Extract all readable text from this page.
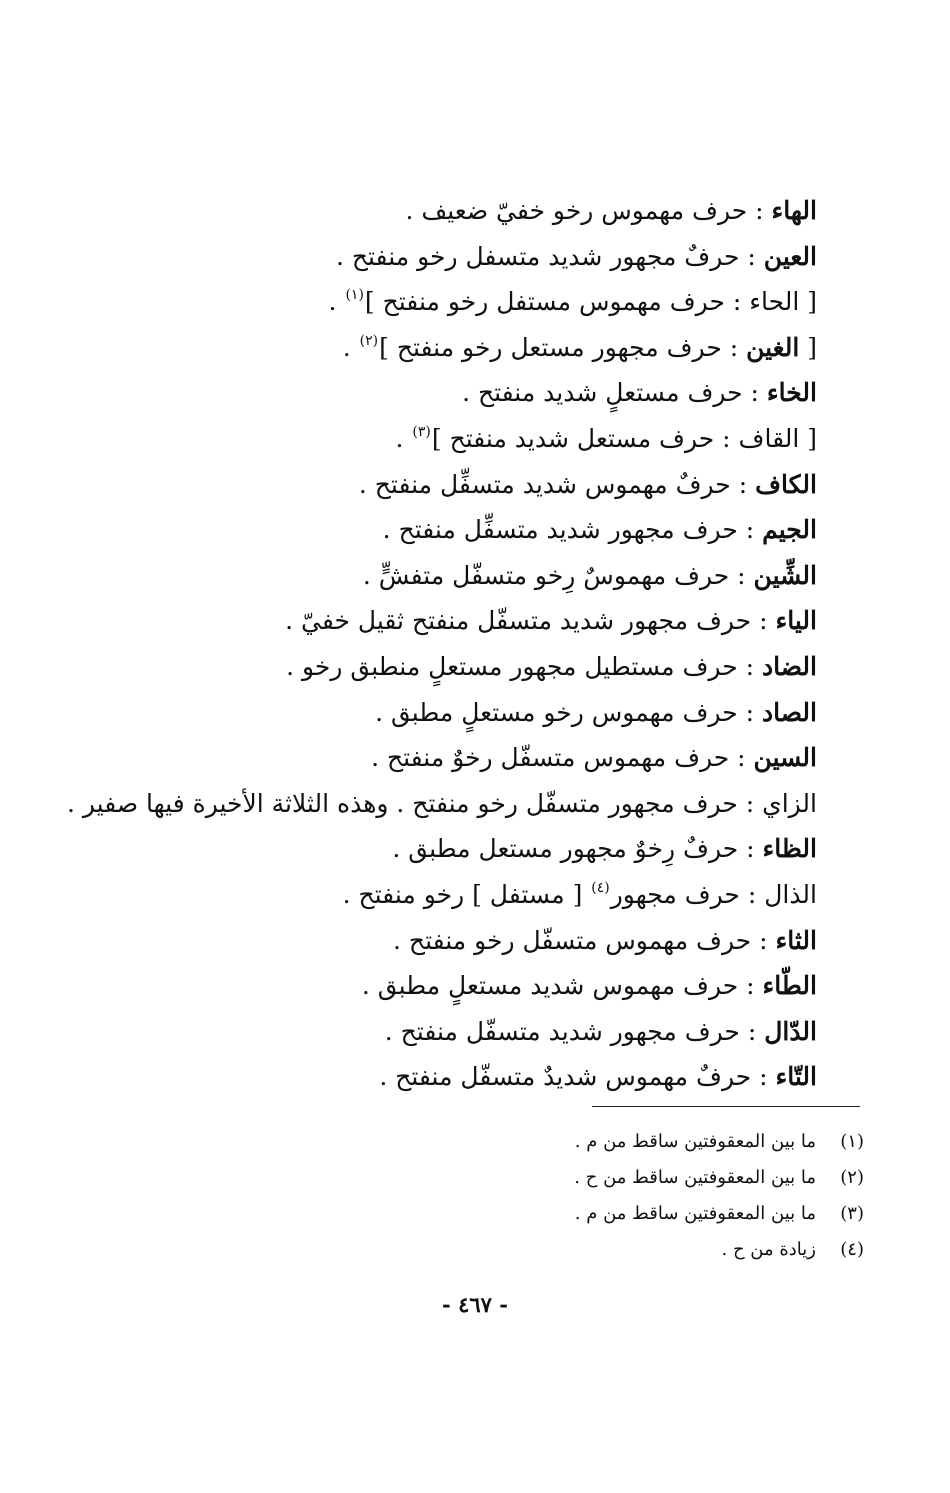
الهاء : حرف مهموس رخو خفيّ ضعيف .
العين : حرفٌ مجهور شديد متسفل رخو منفتح .
[ الحاء : حرف مهموس مستفل رخو منفتح ]$^{(١)}$ .
[ الغين : حرف مجهور مستعل رخو منفتح ]$^{(٢)}$ .
الخاء : حرف مستعلٍ شديد منفتح .
[ القاف : حرف مستعل شديد منفتح ]$^{(٣)}$ .
الكاف : حرفٌ مهموس شديد متسفِّل منفتح .
الجيم : حرف مجهور شديد متسفِّل منفتح .
الشِّين : حرف مهموسٌ رِخو متسفّل متفشٍّ .
الياء : حرف مجهور شديد متسفّل منفتح ثقيل خفيّ .
الضاد : حرف مستطيل مجهور مستعلٍ منطبق رخو .
الصاد : حرف مهموس رخو مستعلٍ مطبق .
السين : حرف مهموس متسفّل رخوٌ منفتح .
الزاي : حرف مجهور متسفّل رخو منفتح . وهذه الثلاثة الأخيرة فيها صفير .
الظاء : حرفٌ رِخوٌ مجهور مستعل مطبق .
الذال : حرف مجهور$^{(٤)}$ [ مستفل ] رخو منفتح .
الثاء : حرف مهموس متسفّل رخو منفتح .
الطّاء : حرف مهموس شديد مستعلٍ مطبق .
الدّال : حرف مجهور شديد متسفّل منفتح .
التّاء : حرفٌ مهموس شديدٌ متسفّل منفتح .
(١)ما بين المعقوفتين ساقط من م .
(٢)ما بين المعقوفتين ساقط من ح .
(٣)ما بين المعقوفتين ساقط من م .
(٤)زيادة من ح .
- ٤٦٧ -
